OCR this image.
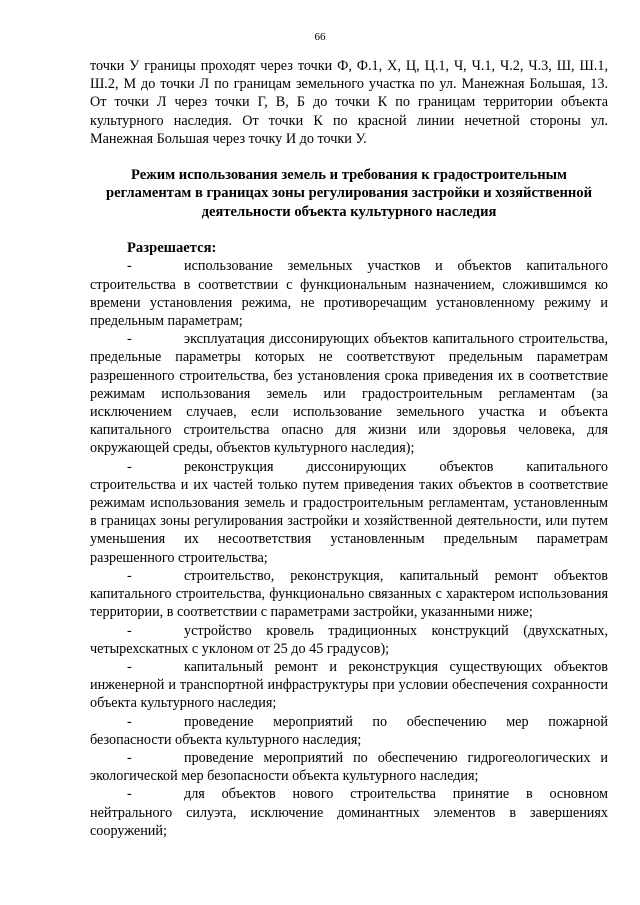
66

точки У границы проходят через точки Ф, Ф.1, Х, Ц, Ц.1, Ч, Ч.1, Ч.2, Ч.3, Ш, Ш.1, Ш.2, М до точки Л по границам земельного участка по ул. Манежная Большая, 13. От точки Л через точки Г, В, Б до точки К по границам территории объекта культурного наследия. От точки К по красной линии нечетной стороны ул. Манежная Большая через точку И до точки У.

Режим использования земель и требования к градостроительным регламентам в границах зоны регулирования застройки и хозяйственной деятельности объекта культурного наследия

Разрешается:

-	использование земельных участков и объектов капитального строительства в соответствии с функциональным назначением, сложившимся ко времени установления режима, не противоречащим установленному режиму и предельным параметрам;

-	эксплуатация диссонирующих объектов капитального строительства, предельные параметры которых не соответствуют предельным параметрам разрешенного строительства, без установления срока приведения их в соответствие режимам использования земель или градостроительным регламентам (за исключением случаев, если использование земельного участка и объекта капитального строительства опасно для жизни или здоровья человека, для окружающей среды, объектов культурного наследия);

-	реконструкция диссонирующих объектов капитального строительства и их частей только путем приведения таких объектов в соответствие режимам использования земель и градостроительным регламентам, установленным в границах зоны регулирования застройки и хозяйственной деятельности, или путем уменьшения их несоответствия установленным предельным параметрам разрешенного строительства;

-	строительство, реконструкция, капитальный ремонт объектов капитального строительства, функционально связанных с характером использования территории, в соответствии с параметрами застройки, указанными ниже;

-	устройство кровель традиционных конструкций (двухскатных, четырехскатных с уклоном от 25 до 45 градусов);

-	капитальный ремонт и реконструкция существующих объектов инженерной и транспортной инфраструктуры при условии обеспечения сохранности объекта культурного наследия;

-	проведение мероприятий по обеспечению мер пожарной безопасности объекта культурного наследия;

-	проведение мероприятий по обеспечению гидрогеологических и экологической мер безопасности объекта культурного наследия;

-	для объектов нового строительства принятие в основном нейтрального силуэта, исключение доминантных элементов в завершениях сооружений;
